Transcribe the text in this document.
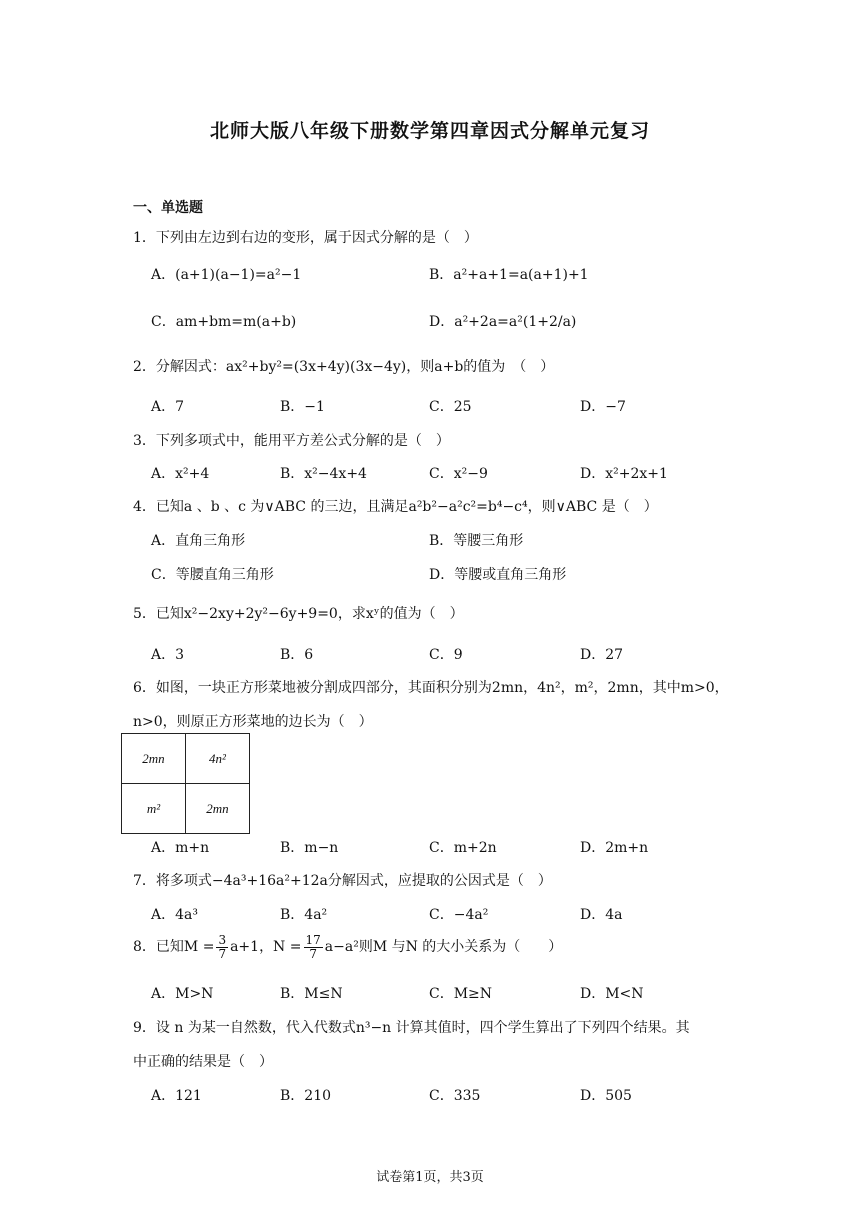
北师大版八年级下册数学第四章因式分解单元复习
一、单选题
1．下列由左边到右边的变形，属于因式分解的是（　）
A．(a+1)(a−1)=a²−1	B．a²+a+1=a(a+1)+1
C．am+bm=m(a+b)	D．a²+2a=a²(1+2/a)
2．分解因式：ax²+by²=(3x+4y)(3x−4y)，则a+b的值为　（　）
A．7	B．−1	C．25	D．−7
3．下列多项式中，能用平方差公式分解的是（　）
A．x²+4	B．x²−4x+4	C．x²−9	D．x²+2x+1
4．已知a 、b 、c 为∨ABC 的三边，且满足a²b²−a²c²=b⁴−c⁴，则∨ABC 是（　）
A．直角三角形	B．等腰三角形
C．等腰直角三角形	D．等腰或直角三角形
5．已知x²−2xy+2y²−6y+9=0，求xʸ的值为（　）
A．3	B．6	C．9	D．27
6．如图，一块正方形菜地被分割成四部分，其面积分别为2mn，4n²，m²，2mn，其中m>0，
n>0，则原正方形菜地的边长为（　）
2mn	4n²
m²	2mn
A．m+n	B．m−n	C．m+2n	D．2m+n
7．将多项式−4a³+16a²+12a分解因式，应提取的公因式是（　）
A．4a³	B．4a²	C．−4a²	D．4a
8．已知$M = \frac{3}{7} a+1$，$N = \frac{17}{7} a-a^2$则M 与N 的大小关系为（　　）
A．M>N	B．M≤N	C．M≥N	D．M<N
9．设 n 为某一自然数，代入代数式n³−n 计算其值时，四个学生算出了下列四个结果。其
中正确的结果是（　）
A．121	B．210	C．335	D．505
试卷第1页，共3页
